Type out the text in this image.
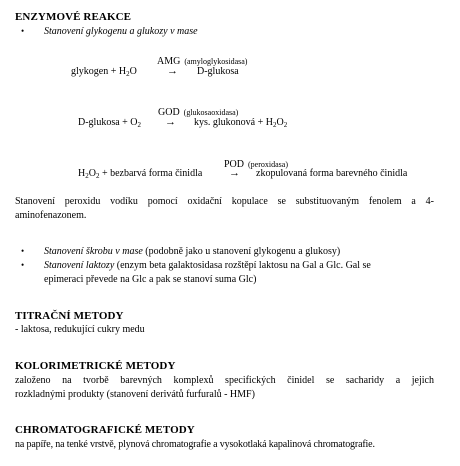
ENZYMOVÉ REAKCE
• Stanovení glykogenu a glukozy v mase
AMG (amyloglykosidasa)
glykogen + $H_2O$	→ D-glukosa
GOD (glukosaoxidasa)
D-glukosa + $O_2$ → kys. glukonová + $H_2O_2$
POD (peroxidasa)
$H_2O_2$ + bezbarvá forma činidla → zkopulovaná forma barevného činidla
Stanovení peroxidu vodíku pomocí oxidační kopulace se substituovaným fenolem a 4-
aminofenazonem.
• Stanovení škrobu v mase (podobně jako u stanovení glykogenu a glukosy)
• Stanovení laktozy (enzym beta galaktosidasa rozštěpí laktosu na Gal a Glc. Gal se
epimeraci převede na Glc a pak se stanoví suma Glc)
TITRAČNÍ METODY
- laktosa, redukující cukry medu
KOLORIMETRICKÉ METODY
založeno na tvorbě barevných komplexů specifických činidel se sacharidy a jejich
rozkladnými produkty (stanovení derivátů furfuralů - HMF)
CHROMATOGRAFICKÉ METODY
na papíře, na tenké vrstvě, plynová chromatografie a vysokotlaká kapalinová chromatografie.
